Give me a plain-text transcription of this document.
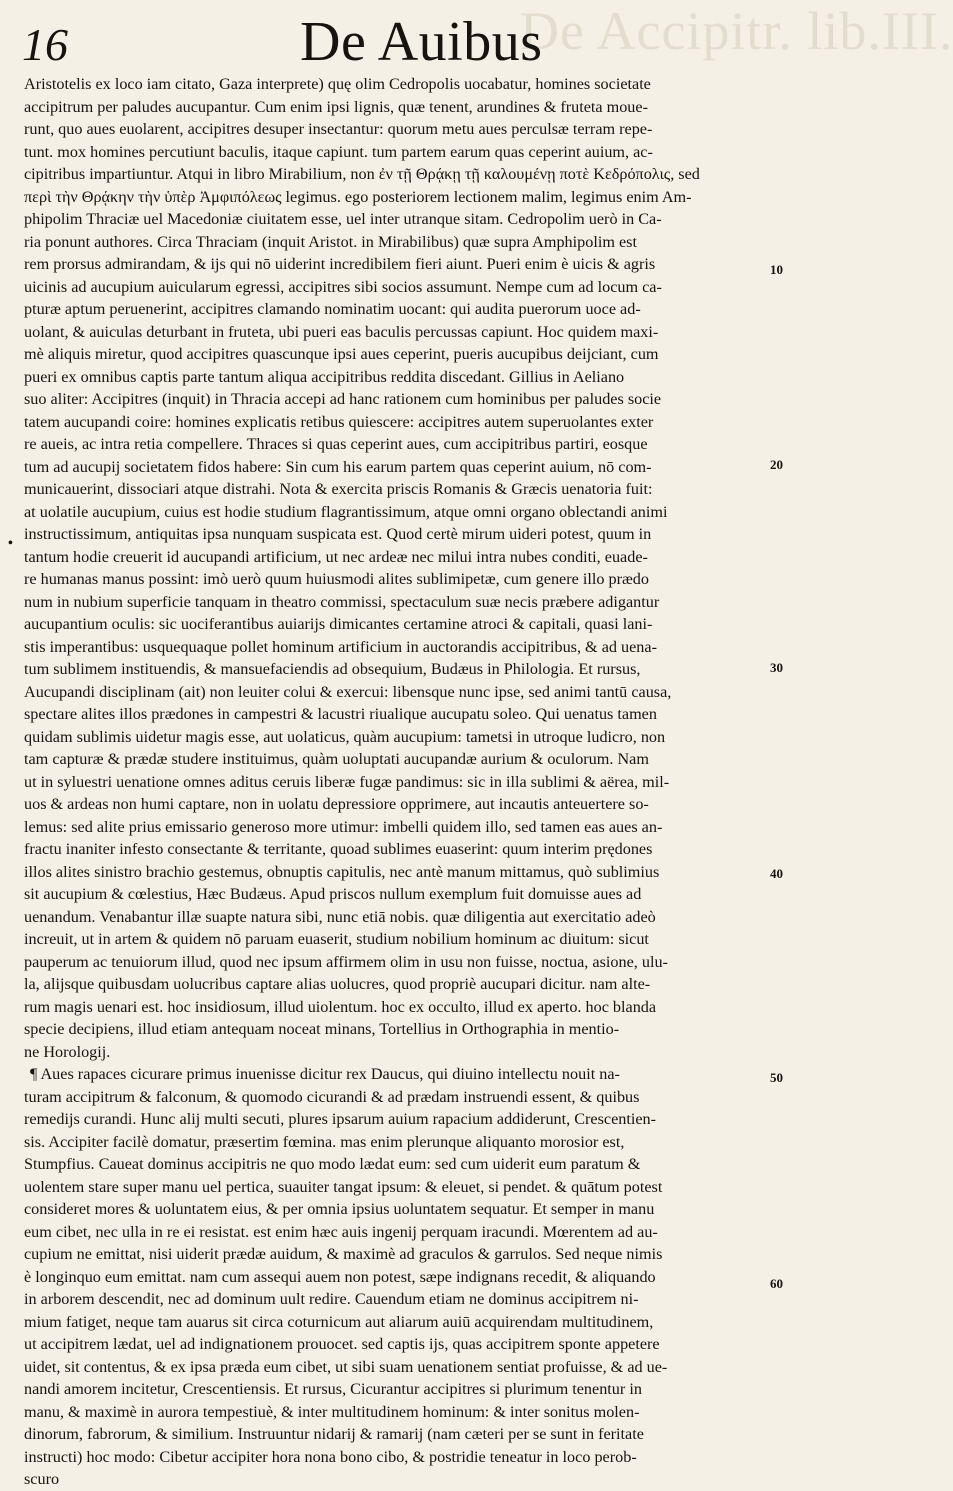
De Accipitr. lib.III.
16	De Auibus
Aristotelis ex loco iam citato, Gaza interprete) quę olim Cedropolis uocabatur, homines societate
accipitrum per paludes aucupantur. Cum enim ipsi lignis, quæ tenent, arundines & fruteta moue-
runt, quo aues euolarent, accipitres desuper insectantur: quorum metu aues perculsæ terram repe-
tunt. mox homines percutiunt baculis, itaque capiunt. tum partem earum quas ceperint auium, ac-
cipitribus impartiuntur. Atqui in libro Mirabilium, non ἐν τῇ Θρᾴκῃ τῇ καλουμένῃ ποτὲ Κεδρόπολις, sed
περὶ τὴν Θρᾴκην τὴν ὑπὲρ Ἀμφιπόλεως legimus. ego posteriorem lectionem malim, legimus enim Am-
phipolim Thraciæ uel Macedoniæ ciuitatem esse, uel inter utranque sitam. Cedropolim uerò in Ca-
ria ponunt authores. Circa Thraciam (inquit Aristot. in Mirabilibus) quæ supra Amphipolim est
rem prorsus admirandam, & ijs qui nō uiderint incredibilem fieri aiunt. Pueri enim è uicis & agris
uicinis ad aucupium auicularum egressi, accipitres sibi socios assumunt. Nempe cum ad locum ca-
pturæ aptum peruenerint, accipitres clamando nominatim uocant: qui audita puerorum uoce ad-
uolant, & auiculas deturbant in fruteta, ubi pueri eas baculis percussas capiunt. Hoc quidem maxi-
mè aliquis miretur, quod accipitres quascunque ipsi aues ceperint, pueris aucupibus deijciant, cum
pueri ex omnibus captis parte tantum aliqua accipitribus reddita discedant. Gillius in Aeliano
suo aliter: Accipitres (inquit) in Thracia accepi ad hanc rationem cum hominibus per paludes socie
tatem aucupandi coire: homines explicatis retibus quiescere: accipitres autem superuolantes exter
re aueis, ac intra retia compellere. Thraces si quas ceperint aues, cum accipitribus partiri, eosque
tum ad aucupij societatem fidos habere: Sin cum his earum partem quas ceperint auium, nō com-
municauerint, dissociari atque distrahi. Nota & exercita priscis Romanis & Græcis uenatoria fuit:
at uolatile aucupium, cuius est hodie studium flagrantissimum, atque omni organo oblectandi animi
instructissimum, antiquitas ipsa nunquam suspicata est. Quod certè mirum uideri potest, quum in
tantum hodie creuerit id aucupandi artificium, ut nec ardeæ nec milui intra nubes conditi, euade-
re humanas manus possint: imò uerò quum huiusmodi alites sublimipetæ, cum genere illo prædo
num in nubium superficie tanquam in theatro commissi, spectaculum suæ necis præbere adigantur
aucupantium oculis: sic uociferantibus auiarijs dimicantes certamine atroci & capitali, quasi lani-
stis imperantibus: usquequaque pollet hominum artificium in auctorandis accipitribus, & ad uena-
tum sublimem instituendis, & mansuefaciendis ad obsequium, Budæus in Philologia. Et rursus,
Aucupandi disciplinam (ait) non leuiter colui & exercui: libensque nunc ipse, sed animi tantū causa,
spectare alites illos prædones in campestri & lacustri riualique aucupatu soleo. Qui uenatus tamen
quidam sublimis uidetur magis esse, aut uolaticus, quàm aucupium: tametsi in utroque ludicro, non
tam capturæ & prædæ studere instituimus, quàm uoluptati aucupandæ aurium & oculorum. Nam
ut in syluestri uenatione omnes aditus ceruis liberæ fugæ pandimus: sic in illa sublimi & aërea, mil-
uos & ardeas non humi captare, non in uolatu depressiore opprimere, aut incautis anteuertere so-
lemus: sed alite prius emissario generoso more utimur: imbelli quidem illo, sed tamen eas aues an-
fractu inaniter infesto consectante & territante, quoad sublimes euaserint: quum interim prędones
illos alites sinistro brachio gestemus, obnuptis capitulis, nec antè manum mittamus, quò sublimius
sit aucupium & cœlestius, Hæc Budæus. Apud priscos nullum exemplum fuit domuisse aues ad
uenandum. Venabantur illæ suapte natura sibi, nunc etiā nobis. quæ diligentia aut exercitatio adeò
increuit, ut in artem & quidem nō paruam euaserit, studium nobilium hominum ac diuitum: sicut
pauperum ac tenuiorum illud, quod nec ipsum affirmem olim in usu non fuisse, noctua, asione, ulu-
la, alijsque quibusdam uolucribus captare alias uolucres, quod propriè aucupari dicitur. nam alte-
rum magis uenari est. hoc insidiosum, illud uiolentum. hoc ex occulto, illud ex aperto. hoc blanda
specie decipiens, illud etiam antequam noceat minans, Tortellius in Orthographia in mentio-
ne Horologij.
¶ Aues rapaces cicurare primus inuenisse dicitur rex Daucus, qui diuino intellectu nouit na-
turam accipitrum & falconum, & quomodo cicurandi & ad prædam instruendi essent, & quibus
remedijs curandi. Hunc alij multi secuti, plures ipsarum auium rapacium addiderunt, Crescentien-
sis. Accipiter facilè domatur, præsertim fœmina. mas enim plerunque aliquanto morosior est,
Stumpfius. Caueat dominus accipitris ne quo modo lædat eum: sed cum uiderit eum paratum &
uolentem stare super manu uel pertica, suauiter tangat ipsum: & eleuet, si pendet. & quātum potest
consideret mores & uoluntatem eius, & per omnia ipsius uoluntatem sequatur. Et semper in manu
eum cibet, nec ulla in re ei resistat. est enim hæc auis ingenij perquam iracundi. Mœrentem ad au-
cupium ne emittat, nisi uiderit prædæ auidum, & maximè ad graculos & garrulos. Sed neque nimis
è longinquo eum emittat. nam cum assequi auem non potest, sæpe indignans recedit, & aliquando
in arborem descendit, nec ad dominum uult redire. Cauendum etiam ne dominus accipitrem ni-
mium fatiget, neque tam auarus sit circa coturnicum aut aliarum auiū acquirendam multitudinem,
ut accipitrem lædat, uel ad indignationem prouocet. sed captis ijs, quas accipitrem sponte appetere
uidet, sit contentus, & ex ipsa præda eum cibet, ut sibi suam uenationem sentiat profuisse, & ad ue-
nandi amorem incitetur, Crescentiensis. Et rursus, Cicurantur accipitres si plurimum tenentur in
manu, & maximè in aurora tempestiuè, & inter multitudinem hominum: & inter sonitus molen-
dinorum, fabrorum, & similium. Instruuntur nidarij & ramarij (nam cæteri per se sunt in feritate
instructi) hoc modo: Cibetur accipiter hora nona bono cibo, & postridie teneatur in loco perob-
scuro
10
20
30
40
50
60
•
